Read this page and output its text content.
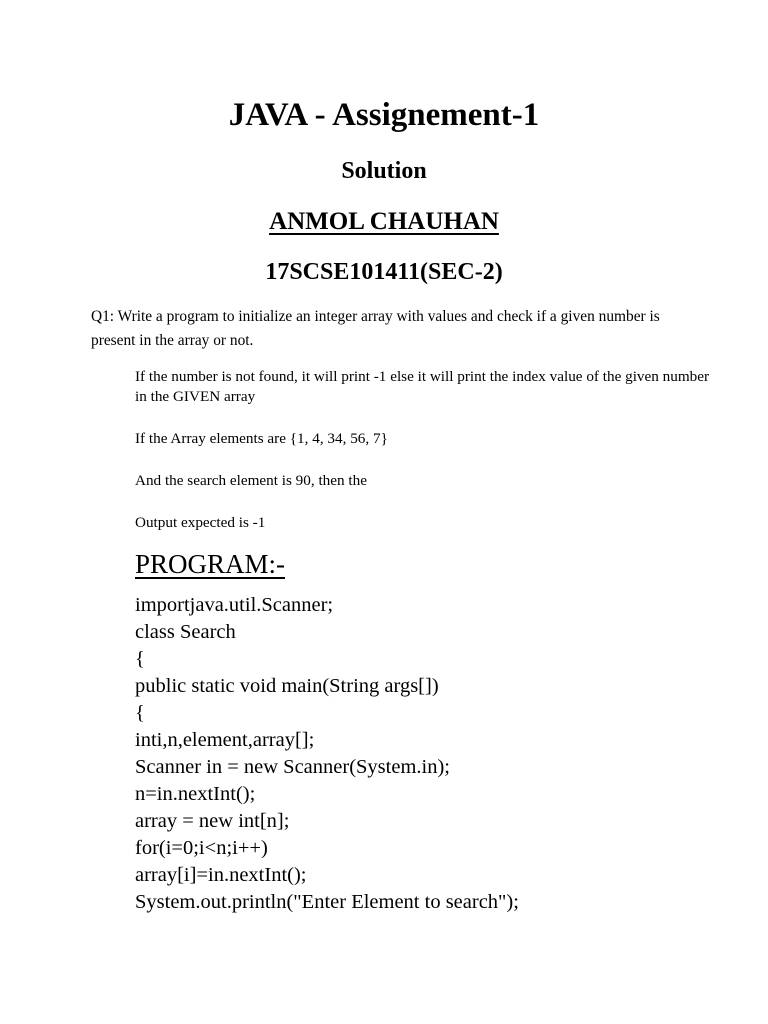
JAVA - Assignement-1
Solution
ANMOL CHAUHAN
17SCSE101411(SEC-2)
Q1: Write a program to initialize an integer array with values and check if a given number is present in the array or not.
If the number is not found, it will print -1 else it will print the index value of the given number in the GIVEN array
If the Array elements are {1, 4, 34, 56, 7}
And the search element is 90, then the
Output expected is -1
PROGRAM:-
importjava.util.Scanner;
class Search
{
public static void main(String args[])
{
inti,n,element,array[];
Scanner in = new Scanner(System.in);
n=in.nextInt();
array = new int[n];
for(i=0;i<n;i++)
array[i]=in.nextInt();
System.out.println("Enter Element to search");
